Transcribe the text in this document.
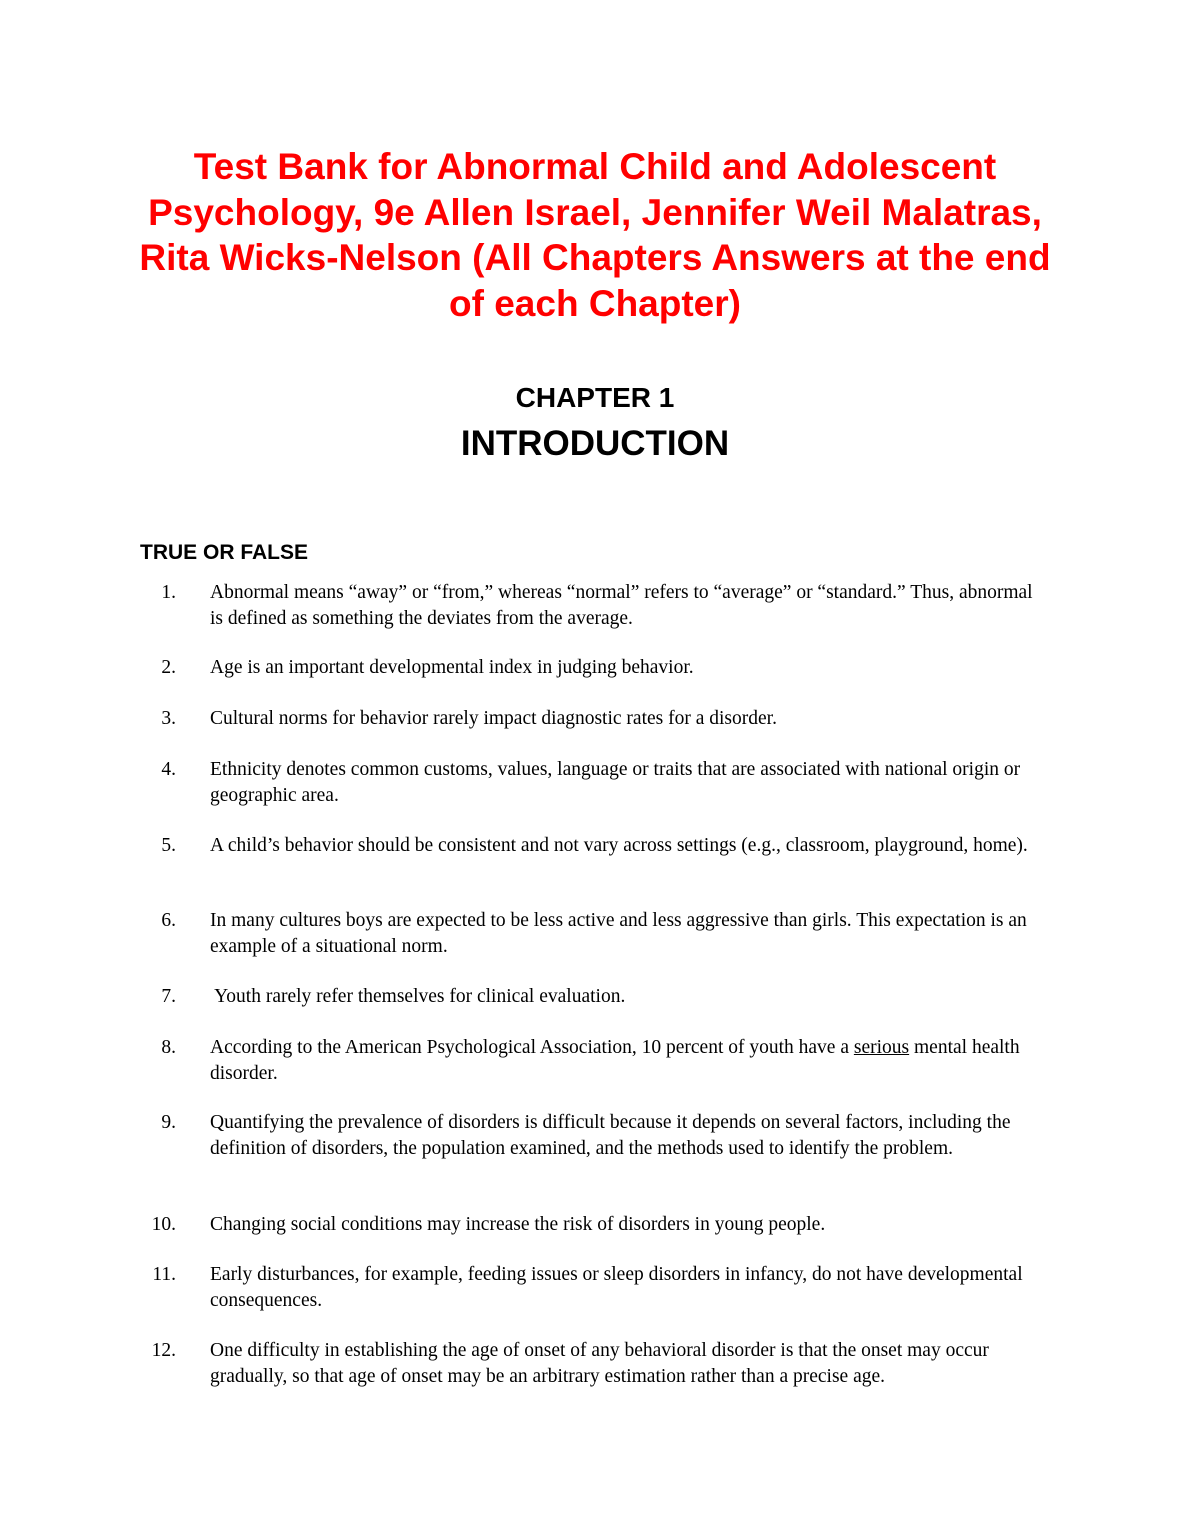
Test Bank for Abnormal Child and Adolescent Psychology, 9e Allen Israel, Jennifer Weil Malatras, Rita Wicks-Nelson (All Chapters Answers at the end of each Chapter)
CHAPTER 1
INTRODUCTION
TRUE OR FALSE
1. Abnormal means “away” or “from,” whereas “normal” refers to “average” or “standard.” Thus, abnormal is defined as something the deviates from the average.
2. Age is an important developmental index in judging behavior.
3. Cultural norms for behavior rarely impact diagnostic rates for a disorder.
4. Ethnicity denotes common customs, values, language or traits that are associated with national origin or geographic area.
5. A child’s behavior should be consistent and not vary across settings (e.g., classroom, playground, home).
6. In many cultures boys are expected to be less active and less aggressive than girls. This expectation is an example of a situational norm.
7. Youth rarely refer themselves for clinical evaluation.
8. According to the American Psychological Association, 10 percent of youth have a serious mental health disorder.
9. Quantifying the prevalence of disorders is difficult because it depends on several factors, including the definition of disorders, the population examined, and the methods used to identify the problem.
10. Changing social conditions may increase the risk of disorders in young people.
11. Early disturbances, for example, feeding issues or sleep disorders in infancy, do not have developmental consequences.
12. One difficulty in establishing the age of onset of any behavioral disorder is that the onset may occur gradually, so that age of onset may be an arbitrary estimation rather than a precise age.
